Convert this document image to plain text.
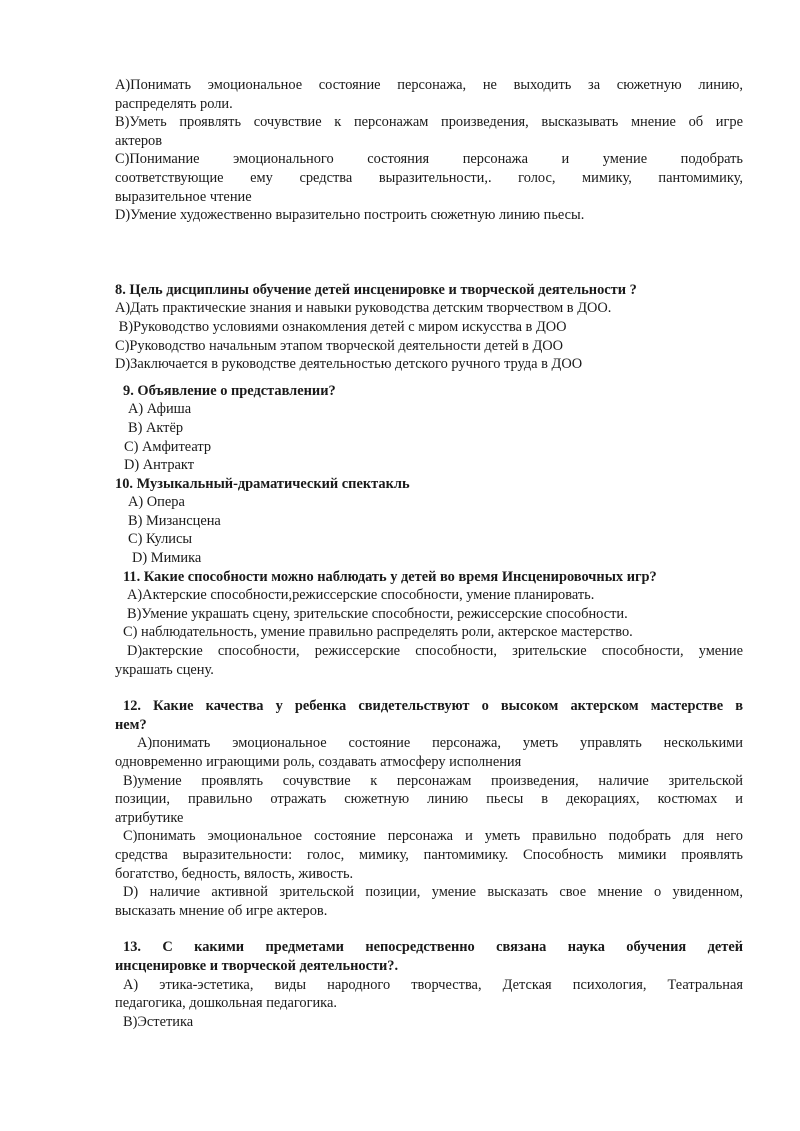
A)Понимать эмоциональное состояние персонажа, не выходить за сюжетную линию,

распределять роли.

B)Уметь проявлять сочувствие к персонажам произведения, высказывать мнение об игре

актеров

C)Понимание эмоционального состояния персонажа и умение подобрать

соответствующие ему средства выразительности,. голос, мимику, пантомимику,

выразительное чтение

D)Умение художественно выразительно построить сюжетную линию пьесы.

8. Цель дисциплины обучение детей инсценировке и творческой деятельности ?

A)Дать практические знания и навыки руководства детским творчеством в ДОО.

B)Руководство условиями ознакомления детей с миром искусства в ДОО

C)Руководство начальным этапом творческой деятельности детей в ДОО

D)Заключается в руководстве деятельностью детского ручного труда в ДОО

9. Объявление о представлении?

A) Афиша

B) Актёр

C) Амфитеатр

D) Антракт

10. Музыкальный-драматический спектакль

A) Опера

B) Мизансцена

C) Кулисы

D) Мимика

11. Какие способности можно наблюдать у детей во время Инсценировочных игр?

A)Актерские способности,режиссерские способности, умение планировать.

B)Умение украшать сцену, зрительские способности, режиссерские способности.

C) наблюдательность, умение правильно распределять роли, актерское мастерство.

D)актерские способности, режиссерские способности, зрительские способности, умение

украшать сцену.

12. Какие качества у ребенка свидетельствуют о высоком актерском мастерстве в

нем?

A)понимать эмоциональное состояние персонажа, уметь управлять несколькими

одновременно играющими роль, создавать атмосферу исполнения

B)умение проявлять сочувствие к персонажам произведения, наличие зрительской

позиции, правильно отражать сюжетную линию пьесы в декорациях, костюмах и

атрибутике

C)понимать эмоциональное состояние персонажа и уметь правильно подобрать для него

средства выразительности: голос, мимику, пантомимику. Способность мимики проявлять

богатство, бедность, вялость, живость.

D) наличие активной зрительской позиции, умение высказать свое мнение о увиденном,

высказать мнение об игре актеров.

13. С какими предметами непосредственно связана наука обучения детей

инсценировке и творческой деятельности?.

A) этика-эстетика, виды народного творчества, Детская психология, Театральная

педагогика, дошкольная педагогика.

B)Эстетика
